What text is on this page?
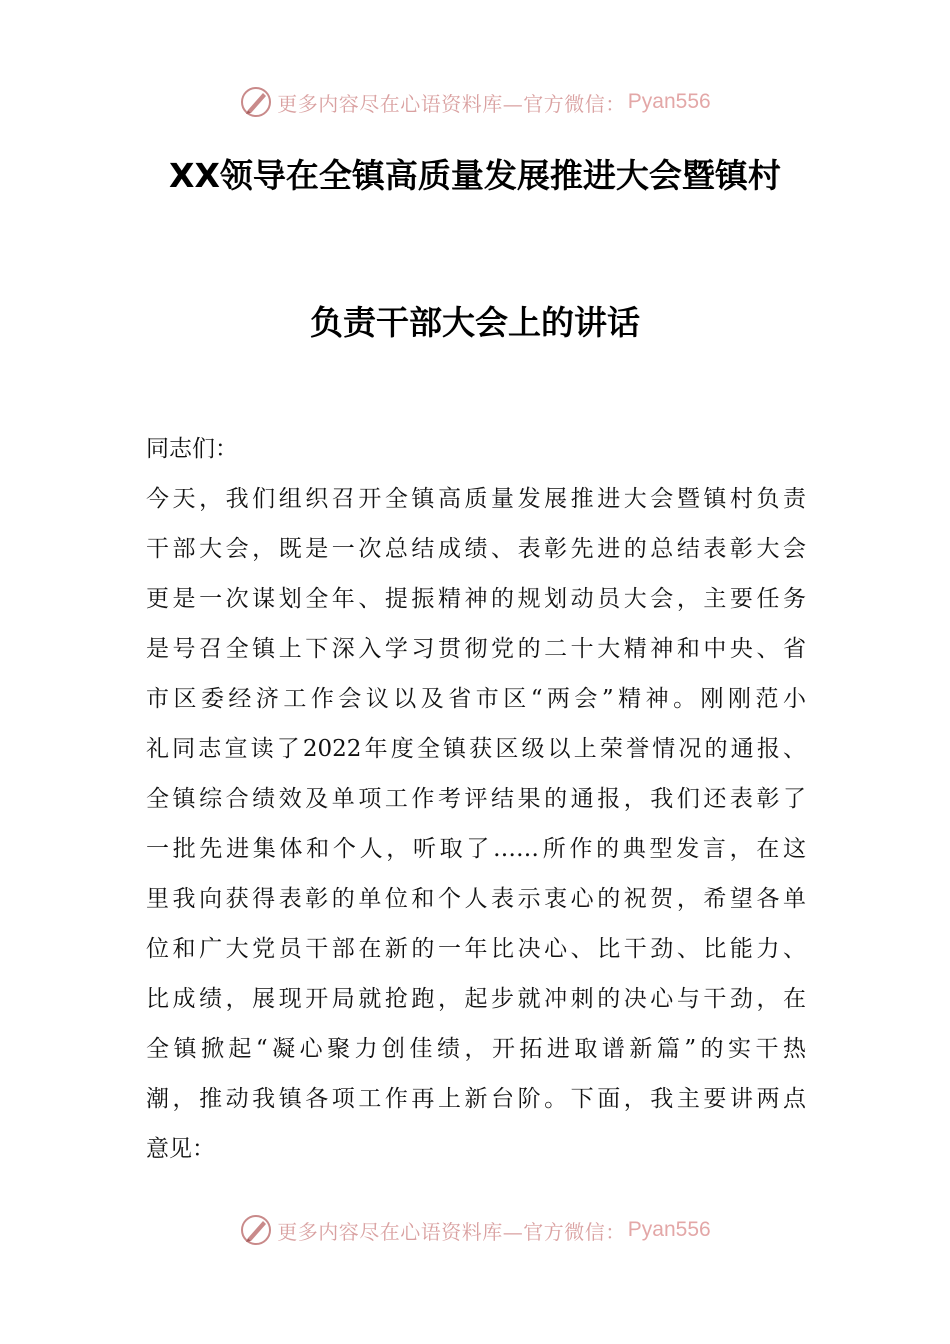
更多内容尽在心语资料库—官方微信： Pyan556
XX领导在全镇高质量发展推进大会暨镇村
负责干部大会上的讲话
同志们：
今天，我们组织召开全镇高质量发展推进大会暨镇村负责
干部大会，既是一次总结成绩、表彰先进的总结表彰大会
更是一次谋划全年、提振精神的规划动员大会，主要任务
是号召全镇上下深入学习贯彻党的二十大精神和中央、省
市区委经济工作会议以及省市区“两会”精神。刚刚范小
礼同志宣读了2022年度全镇获区级以上荣誉情况的通报、
全镇综合绩效及单项工作考评结果的通报，我们还表彰了
一批先进集体和个人，听取了……所作的典型发言，在这
里我向获得表彰的单位和个人表示衷心的祝贺，希望各单
位和广大党员干部在新的一年比决心、比干劲、比能力、
比成绩，展现开局就抢跑，起步就冲刺的决心与干劲，在
全镇掀起“凝心聚力创佳绩，开拓进取谱新篇”的实干热
潮，推动我镇各项工作再上新台阶。下面，我主要讲两点
意见：
更多内容尽在心语资料库—官方微信： Pyan556
